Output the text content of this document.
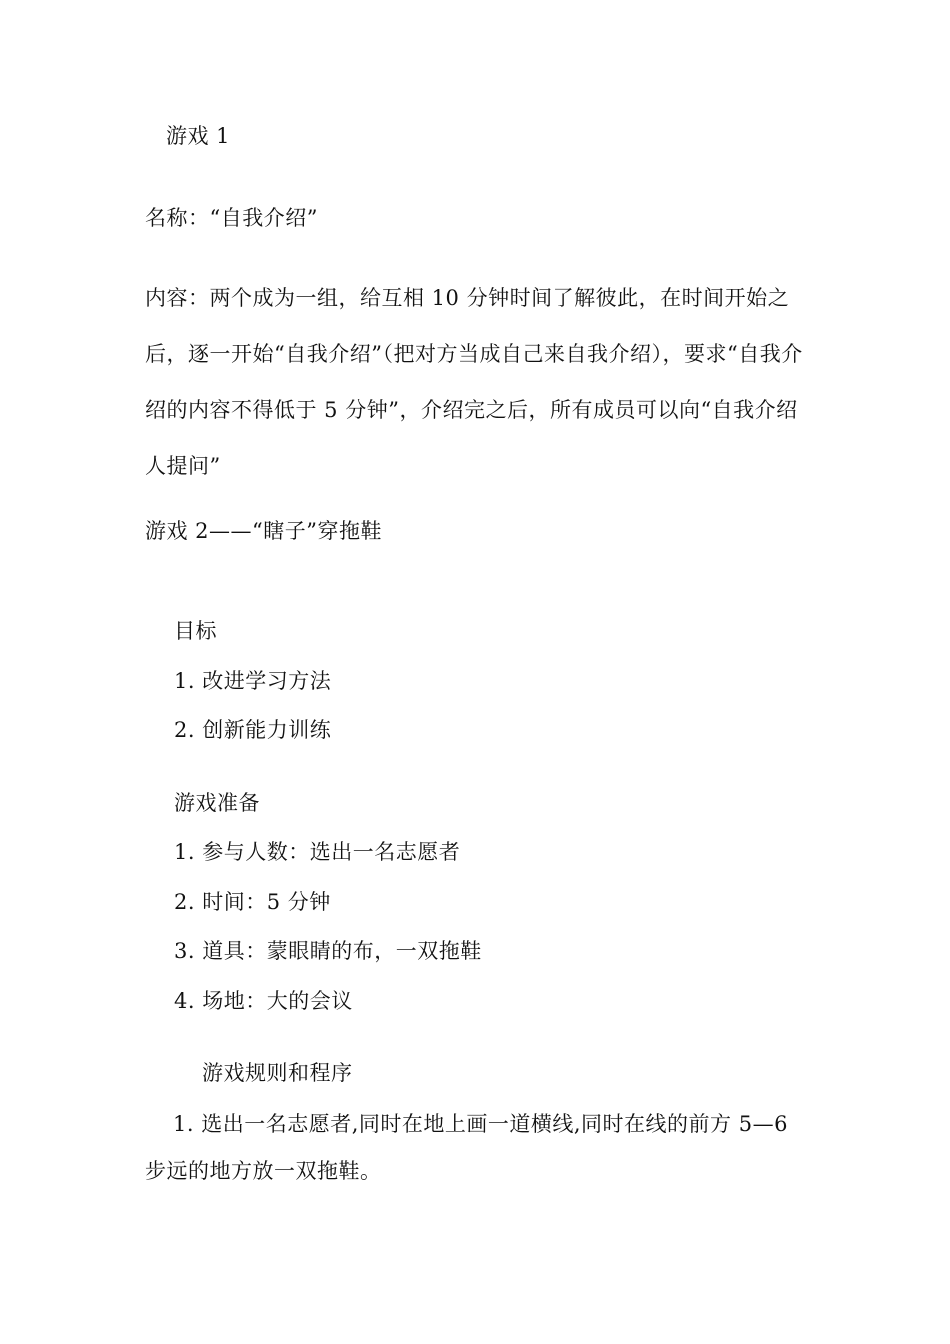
游戏 1
名称：“自我介绍”
内容：两个成为一组，给互相 10 分钟时间了解彼此，在时间开始之后，逐一开始“自我介绍”（把对方当成自己来自我介绍），要求“自我介绍的内容不得低于 5 分钟”，介绍完之后，所有成员可以向“自我介绍人提问”
游戏 2——“瞎子”穿拖鞋
目标
1. 改进学习方法
2. 创新能力训练
游戏准备
1. 参与人数：选出一名志愿者
2. 时间：5 分钟
3. 道具：蒙眼睛的布，一双拖鞋
4. 场地：大的会议
游戏规则和程序
1. 选出一名志愿者,同时在地上画一道横线,同时在线的前方 5—6 步远的地方放一双拖鞋。
